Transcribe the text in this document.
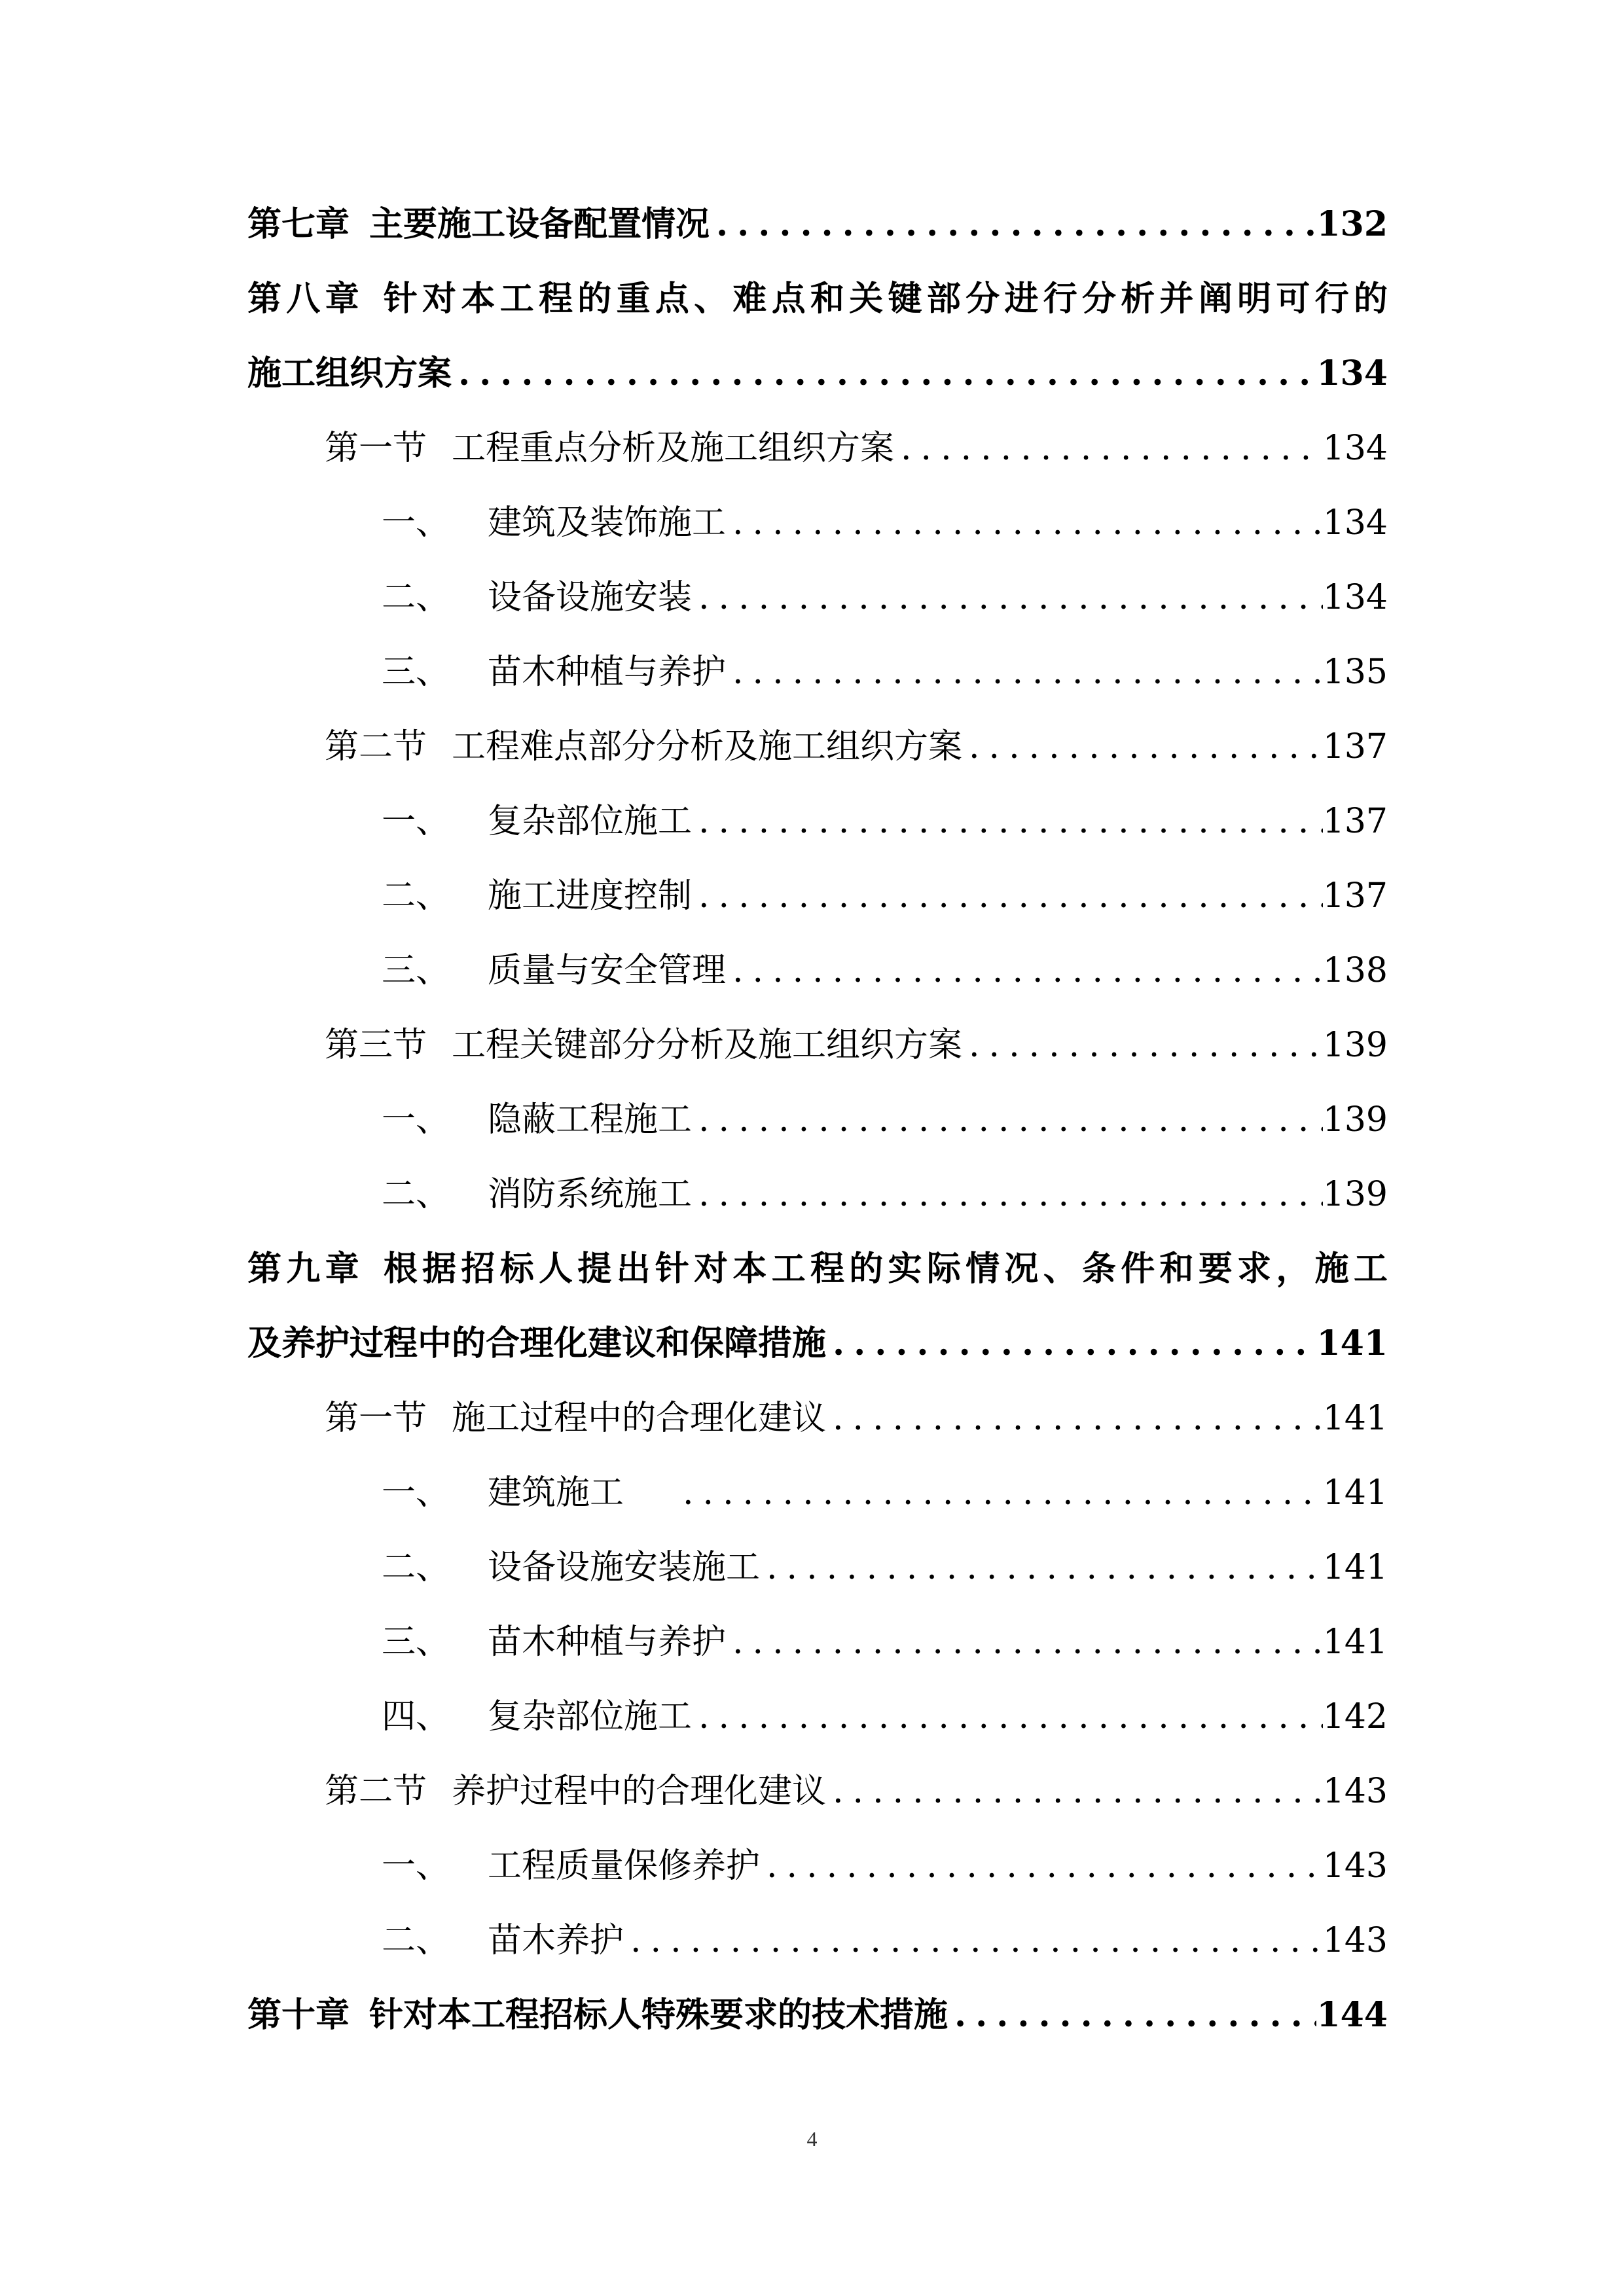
第七章 主要施工设备配置情况 .....	132
第八章 针对本工程的重点、难点和关键部分进行分析并阐明可行的
施工组织方案 .....	134
第一节 工程重点分析及施工组织方案 .....	134
一、	建筑及装饰施工 .....	134
二、	设备设施安装 .....	134
三、	苗木种植与养护 .....	135
第二节 工程难点部分分析及施工组织方案 .....	137
一、	复杂部位施工 .....	137
二、	施工进度控制 .....	137
三、	质量与安全管理 .....	138
第三节 工程关键部分分析及施工组织方案 .....	139
一、	隐蔽工程施工 .....	139
二、	消防系统施工 .....	139
第九章 根据招标人提出针对本工程的实际情况、条件和要求，施工
及养护过程中的合理化建议和保障措施 .....	141
第一节 施工过程中的合理化建议 .....	141
一、	建筑施工 .....	141
二、	设备设施安装施工 .....	141
三、	苗木种植与养护 .....	141
四、	复杂部位施工 .....	142
第二节 养护过程中的合理化建议 .....	143
一、	工程质量保修养护 .....	143
二、	苗木养护 .....	143
第十章 针对本工程招标人特殊要求的技术措施 .....	144
4
